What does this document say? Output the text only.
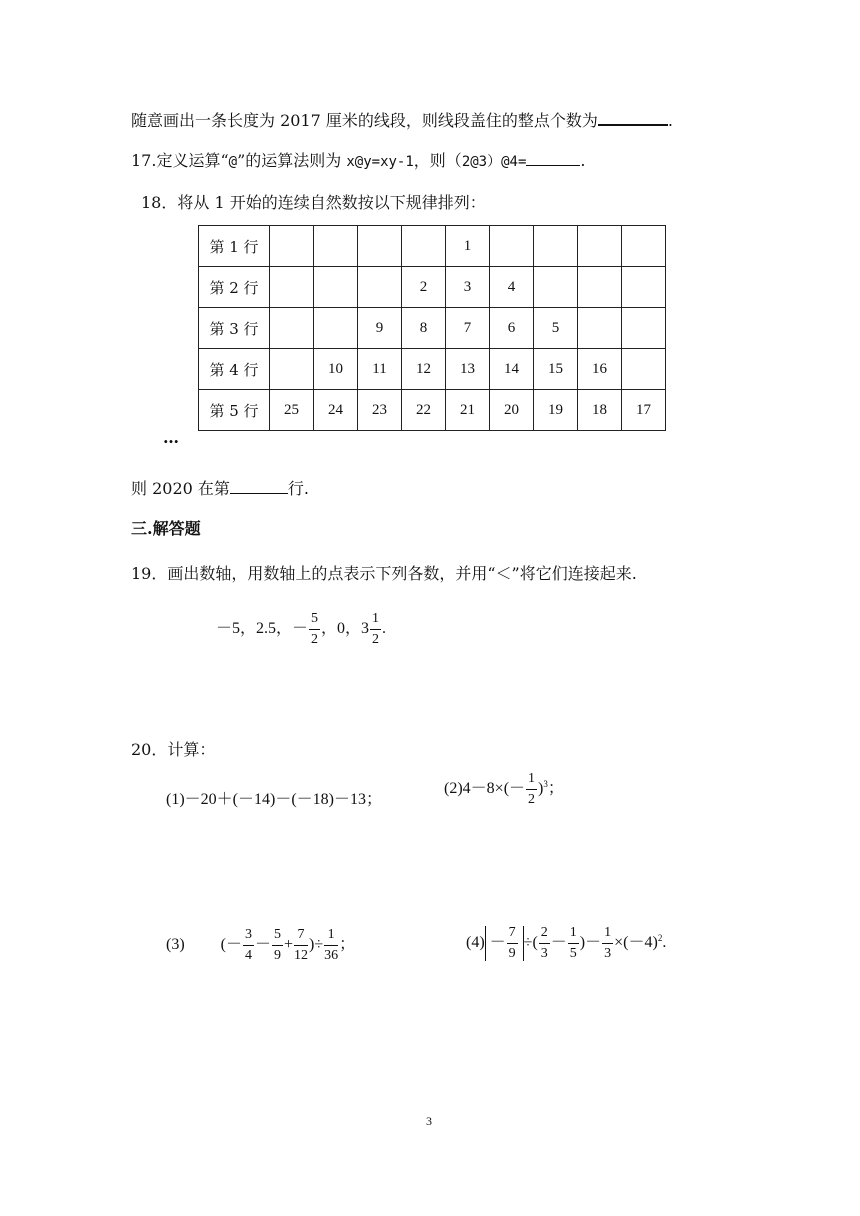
随意画出一条长度为 2017 厘米的线段，则线段盖住的整点个数为	.
17.定义运算“@”的运算法则为 x@y=xy-1，则（2@3）@4=	.
18．将从 1 开始的连续自然数按以下规律排列：
第 1 行					1				
第 2 行				2	3	4			
第 3 行			9	8	7	6	5		
第 4 行		10	11	12	13	14	15	16	
第 5 行	25	24	23	22	21	20	19	18	17
…
则 2020 在第	行.
三.解答题
19．画出数轴，用数轴上的点表示下列各数，并用“＜”将它们连接起来.
－5，2.5，－ $\frac{5}{2}$ ，0，$3 \frac{1}{2}$ .
20．计算：
(1)－20＋(－14)－(－18)－13；
$(2)4-8\times(- \frac{1}{2} )^3$；
(3) (－ $\frac{3}{4} - \frac{5}{9} + \frac{7}{12}$ )÷ $\frac{1}{36}$ ；	$(4) - \frac{7}{9}$ ÷( $\frac{2}{3} - \frac{1}{5}$ )－ $\frac{1}{3} \times(-4)^2$.
3
